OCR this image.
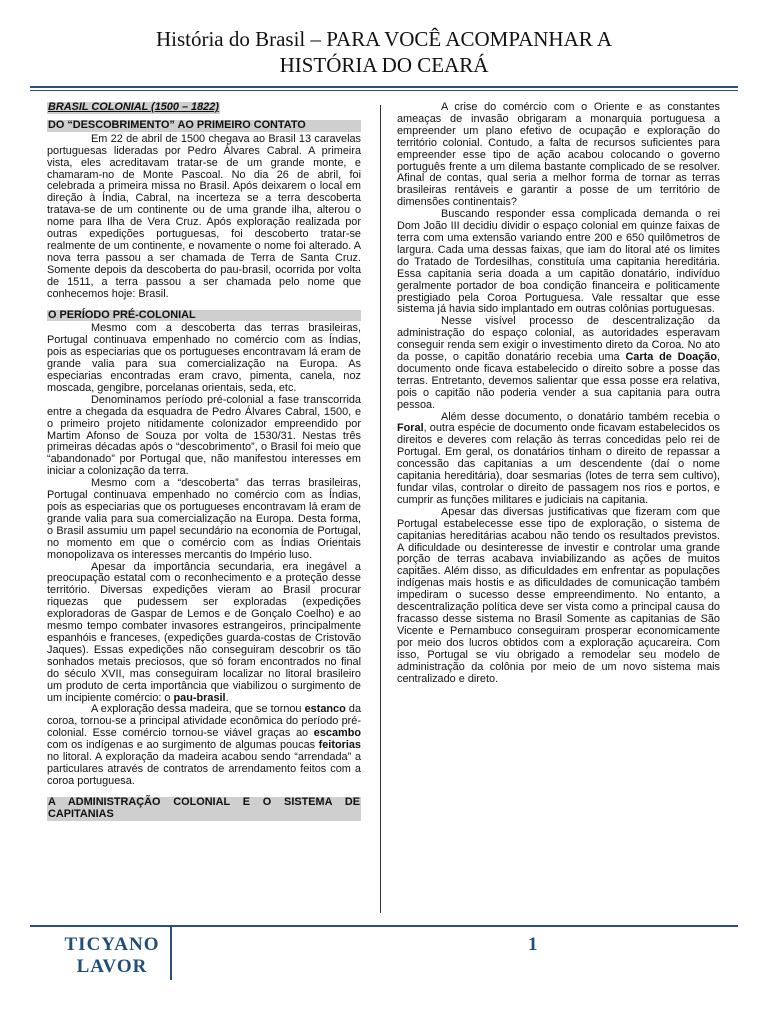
História do Brasil – PARA VOCÊ ACOMPANHAR A
HISTÓRIA DO CEARÁ
BRASIL COLONIAL (1500 – 1822)
DO “DESCOBRIMENTO” AO PRIMEIRO CONTATO

Em 22 de abril de 1500 chegava ao Brasil 13 caravelas portuguesas lideradas por Pedro Álvares Cabral. A primeira vista, eles acreditavam tratar-se de um grande monte, e chamaram-no de Monte Pascoal. No dia 26 de abril, foi celebrada a primeira missa no Brasil. Após deixarem o local em direção à Índia, Cabral, na incerteza se a terra descoberta tratava-se de um continente ou de uma grande ilha, alterou o nome para Ilha de Vera Cruz. Após exploração realizada por outras expedições portuguesas, foi descoberto tratar-se realmente de um continente, e novamente o nome foi alterado. A nova terra passou a ser chamada de Terra de Santa Cruz. Somente depois da descoberta do pau-brasil, ocorrida por volta de 1511, a terra passou a ser chamada pelo nome que conhecemos hoje: Brasil.

O PERÍODO PRÉ-COLONIAL

Mesmo com a descoberta das terras brasileiras, Portugal continuava empenhado no comércio com as Índias, pois as especiarias que os portugueses encontravam lá eram de grande valia para sua comercialização na Europa. As especiarias encontradas eram cravo, pimenta, canela, noz moscada, gengibre, porcelanas orientais, seda, etc.

Denominamos período pré-colonial a fase transcorrida entre a chegada da esquadra de Pedro Álvares Cabral, 1500, e o primeiro projeto nitidamente colonizador empreendido por Martim Afonso de Souza por volta de 1530/31. Nestas três primeiras décadas após o “descobrimento”, o Brasil foi meio que “abandonado” por Portugal que, não manifestou interesses em iniciar a colonização da terra.

Mesmo com a “descoberta” das terras brasileiras, Portugal continuava empenhado no comércio com as Índias, pois as especiarias que os portugueses encontravam lá eram de grande valia para sua comercialização na Europa. Desta forma, o Brasil assumiu um papel secundário na economia de Portugal, no momento em que o comércio com as Índias Orientais monopolizava os interesses mercantis do Império luso.

Apesar da importância secundaria, era inegável a preocupação estatal com o reconhecimento e a proteção desse território. Diversas expedições vieram ao Brasil procurar riquezas que pudessem ser exploradas (expedições exploradoras de Gaspar de Lemos e de Gonçalo Coelho) e ao mesmo tempo combater invasores estrangeiros, principalmente espanhóis e franceses, (expedições guarda-costas de Cristovão Jaques). Essas expedições não conseguiram descobrir os tão sonhados metais preciosos, que só foram encontrados no final do século XVII, mas conseguiram localizar no litoral brasileiro um produto de certa importância que viabilizou o surgimento de um incipiente comércio: o pau-brasil.

A exploração dessa madeira, que se tornou estanco da coroa, tornou-se a principal atividade econômica do período pré-colonial. Esse comércio tornou-se viável graças ao escambo com os indígenas e ao surgimento de algumas poucas feitorias no litoral. A exploração da madeira acabou sendo “arrendada” a particulares através de contratos de arrendamento feitos com a coroa portuguesa.

A ADMINISTRAÇÃO COLONIAL E O SISTEMA DE CAPITANIAS

A crise do comércio com o Oriente e as constantes ameaças de invasão obrigaram a monarquia portuguesa a empreender um plano efetivo de ocupação e exploração do território colonial. Contudo, a falta de recursos suficientes para empreender esse tipo de ação acabou colocando o governo português frente a um dilema bastante complicado de se resolver. Afinal de contas, qual seria a melhor forma de tornar as terras brasileiras rentáveis e garantir a posse de um território de dimensões continentais?

Buscando responder essa complicada demanda o rei Dom João III decidiu dividir o espaço colonial em quinze faixas de terra com uma extensão variando entre 200 e 650 quilômetros de largura. Cada uma dessas faixas, que iam do litoral até os limites do Tratado de Tordesilhas, constituía uma capitania hereditária. Essa capitania seria doada a um capitão donatário, indivíduo geralmente portador de boa condição financeira e politicamente prestigiado pela Coroa Portuguesa. Vale ressaltar que esse sistema já havia sido implantado em outras colônias portuguesas.

Nesse visível processo de descentralização da administração do espaço colonial, as autoridades esperavam conseguir renda sem exigir o investimento direto da Coroa. No ato da posse, o capitão donatário recebia uma Carta de Doação, documento onde ficava estabelecido o direito sobre a posse das terras. Entretanto, devemos salientar que essa posse era relativa, pois o capitão não poderia vender a sua capitania para outra pessoa.

Além desse documento, o donatário também recebia o Foral, outra espécie de documento onde ficavam estabelecidos os direitos e deveres com relação às terras concedidas pelo rei de Portugal. Em geral, os donatários tinham o direito de repassar a concessão das capitanias a um descendente (daí o nome capitania hereditária), doar sesmarias (lotes de terra sem cultivo), fundar vilas, controlar o direito de passagem nos rios e portos, e cumprir as funções militares e judiciais na capitania.

Apesar das diversas justificativas que fizeram com que Portugal estabelecesse esse tipo de exploração, o sistema de capitanias hereditárias acabou não tendo os resultados previstos. A dificuldade ou desinteresse de investir e controlar uma grande porção de terras acabava inviabilizando as ações de muitos capitães. Além disso, as dificuldades em enfrentar as populações indígenas mais hostis e as dificuldades de comunicação também impediram o sucesso desse empreendimento. No entanto, a descentralização política deve ser vista como a principal causa do fracasso desse sistema no Brasil Somente as capitanias de São Vicente e Pernambuco conseguiram prosperar economicamente por meio dos lucros obtidos com a exploração açucareira. Com isso, Portugal se viu obrigado a remodelar seu modelo de administração da colônia por meio de um novo sistema mais centralizado e direto.

ano l
TICYANO
LAVOR
1
